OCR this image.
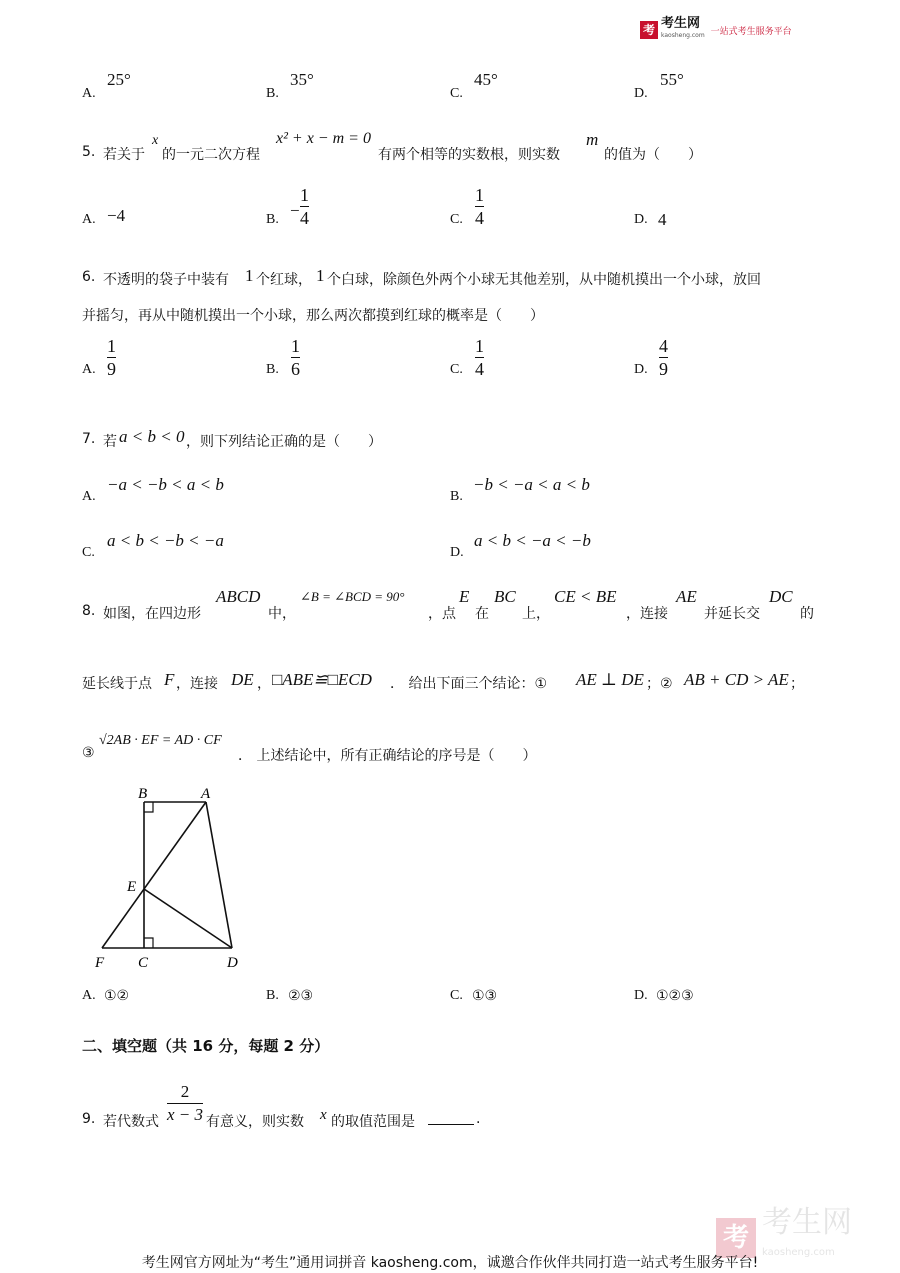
考 考生网
kaosheng.com 一站式考生服务平台
A.
25°
B.
35°
C.
45°
D.
55°
5. 若关于
x
的一元二次方程
x² + x − m = 0
有两个相等的实数根，则实数
m
的值为（　　）
A. −4	B. −
1
4	C.
1
4	D. 4
6. 不透明的袋子中装有 1 个红球， 1 个白球，除颜色外两个小球无其他差别，从中随机摸出一个小球，放回
并摇匀，再从中随机摸出一个小球，那么两次都摸到红球的概率是（　　）
A.
1
9	B.
1
6	C.
1
4	D.
4
9
7. 若 a < b < 0 ，则下列结论正确的是（　　）
A.
−a < −b < a < b
B.
−b < −a < a < b
C.
a < b < −b < −a
D.
a < b < −a < −b
8. 如图，在四边形
ABCD
中，
∠B = ∠BCD = 90°
，点
E
在
BC
上，
CE < BE
，连接
AE
并延长交
DC
的
延长线于点 F ，连接 DE ， □ABE≌□ECD ． 给出下面三个结论：① AE ⊥ DE ；② AB + CD > AE ；
③
√2AB · EF = AD · CF
． 上述结论中，所有正确结论的序号是（　　）
B	A
E
F C	D
A. ①②	B. ②③	C. ①③	D. ①②③
二、填空题（共 16 分，每题 2 分）
9. 若代数式
2
x − 3 有意义，则实数 x 的取值范围是	.
考 考生网
kaosheng.com
考生网官方网址为“考生”通用词拼音 kaosheng.com，诚邀合作伙伴共同打造一站式考生服务平台!
